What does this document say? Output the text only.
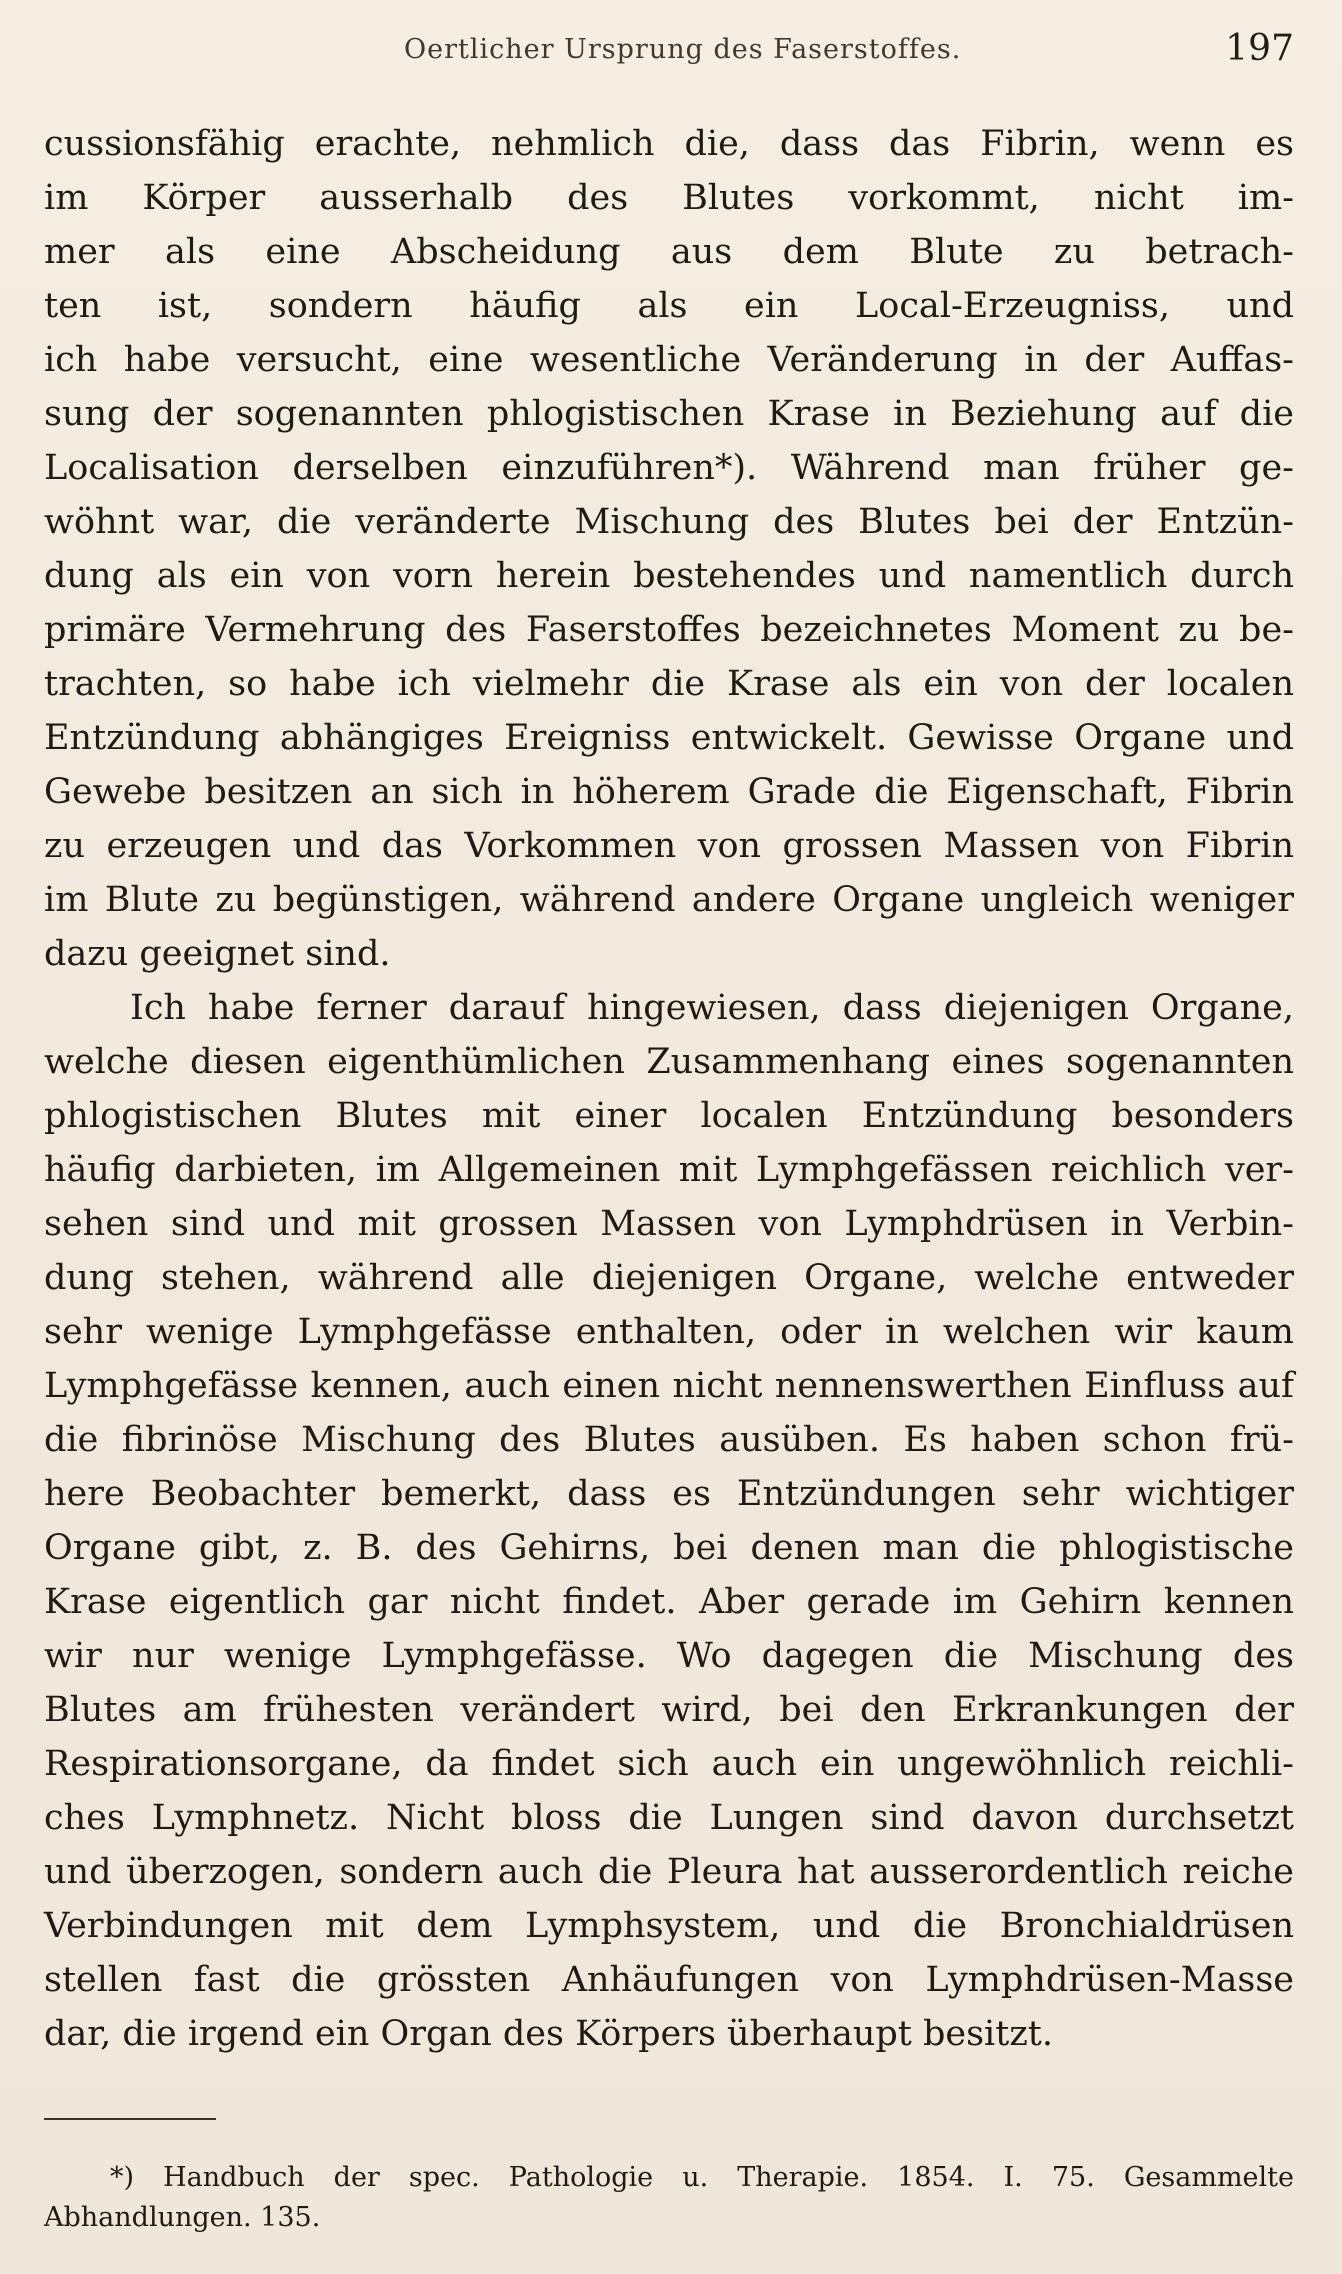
Oertlicher Ursprung des Faserstoffes.	197
cussionsfähig erachte, nehmlich die, dass das Fibrin, wenn es
im Körper ausserhalb des Blutes vorkommt, nicht im-
mer als eine Abscheidung aus dem Blute zu betrach-
ten ist, sondern häufig als ein Local-Erzeugniss, und
ich habe versucht, eine wesentliche Veränderung in der Auffas-
sung der sogenannten phlogistischen Krase in Beziehung auf die
Localisation derselben einzuführen*). Während man früher ge-
wöhnt war, die veränderte Mischung des Blutes bei der Entzün-
dung als ein von vorn herein bestehendes und namentlich durch
primäre Vermehrung des Faserstoffes bezeichnetes Moment zu be-
trachten, so habe ich vielmehr die Krase als ein von der localen
Entzündung abhängiges Ereigniss entwickelt. Gewisse Organe und
Gewebe besitzen an sich in höherem Grade die Eigenschaft, Fibrin
zu erzeugen und das Vorkommen von grossen Massen von Fibrin
im Blute zu begünstigen, während andere Organe ungleich weniger
dazu geeignet sind.
Ich habe ferner darauf hingewiesen, dass diejenigen Organe,
welche diesen eigenthümlichen Zusammenhang eines sogenannten
phlogistischen Blutes mit einer localen Entzündung besonders
häufig darbieten, im Allgemeinen mit Lymphgefässen reichlich ver-
sehen sind und mit grossen Massen von Lymphdrüsen in Verbin-
dung stehen, während alle diejenigen Organe, welche entweder
sehr wenige Lymphgefässe enthalten, oder in welchen wir kaum
Lymphgefässe kennen, auch einen nicht nennenswerthen Einfluss auf
die fibrinöse Mischung des Blutes ausüben. Es haben schon frü-
here Beobachter bemerkt, dass es Entzündungen sehr wichtiger
Organe gibt, z. B. des Gehirns, bei denen man die phlogistische
Krase eigentlich gar nicht findet. Aber gerade im Gehirn kennen
wir nur wenige Lymphgefässe. Wo dagegen die Mischung des
Blutes am frühesten verändert wird, bei den Erkrankungen der
Respirationsorgane, da findet sich auch ein ungewöhnlich reichli-
ches Lymphnetz. Nicht bloss die Lungen sind davon durchsetzt
und überzogen, sondern auch die Pleura hat ausserordentlich reiche
Verbindungen mit dem Lymphsystem, und die Bronchialdrüsen
stellen fast die grössten Anhäufungen von Lymphdrüsen-Masse
dar, die irgend ein Organ des Körpers überhaupt besitzt.
*) Handbuch der spec. Pathologie u. Therapie. 1854. I. 75. Gesammelte
Abhandlungen. 135.
